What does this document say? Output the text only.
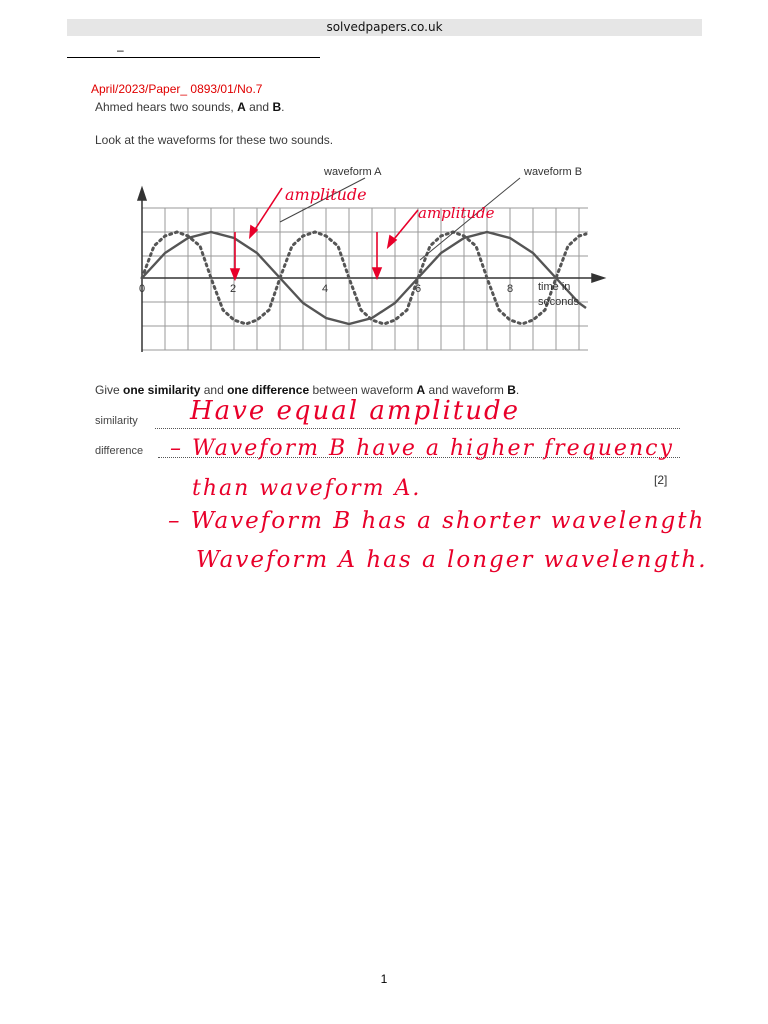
solvedpapers.co.uk
–
April/2023/Paper_ 0893/01/No.7
Ahmed hears two sounds, A and B.
Look at the waveforms for these two sounds.
waveform A	waveform B
amplitude
amplitude
0	2	4	6	8 time in
seconds
Give one similarity and one difference between waveform A and waveform B.
similarity Have equal amplitude
difference – Waveform B have a higher frequency
than waveform A.	[2]
– Waveform B has a shorter wavelength
Waveform A has a longer wavelength.
1
